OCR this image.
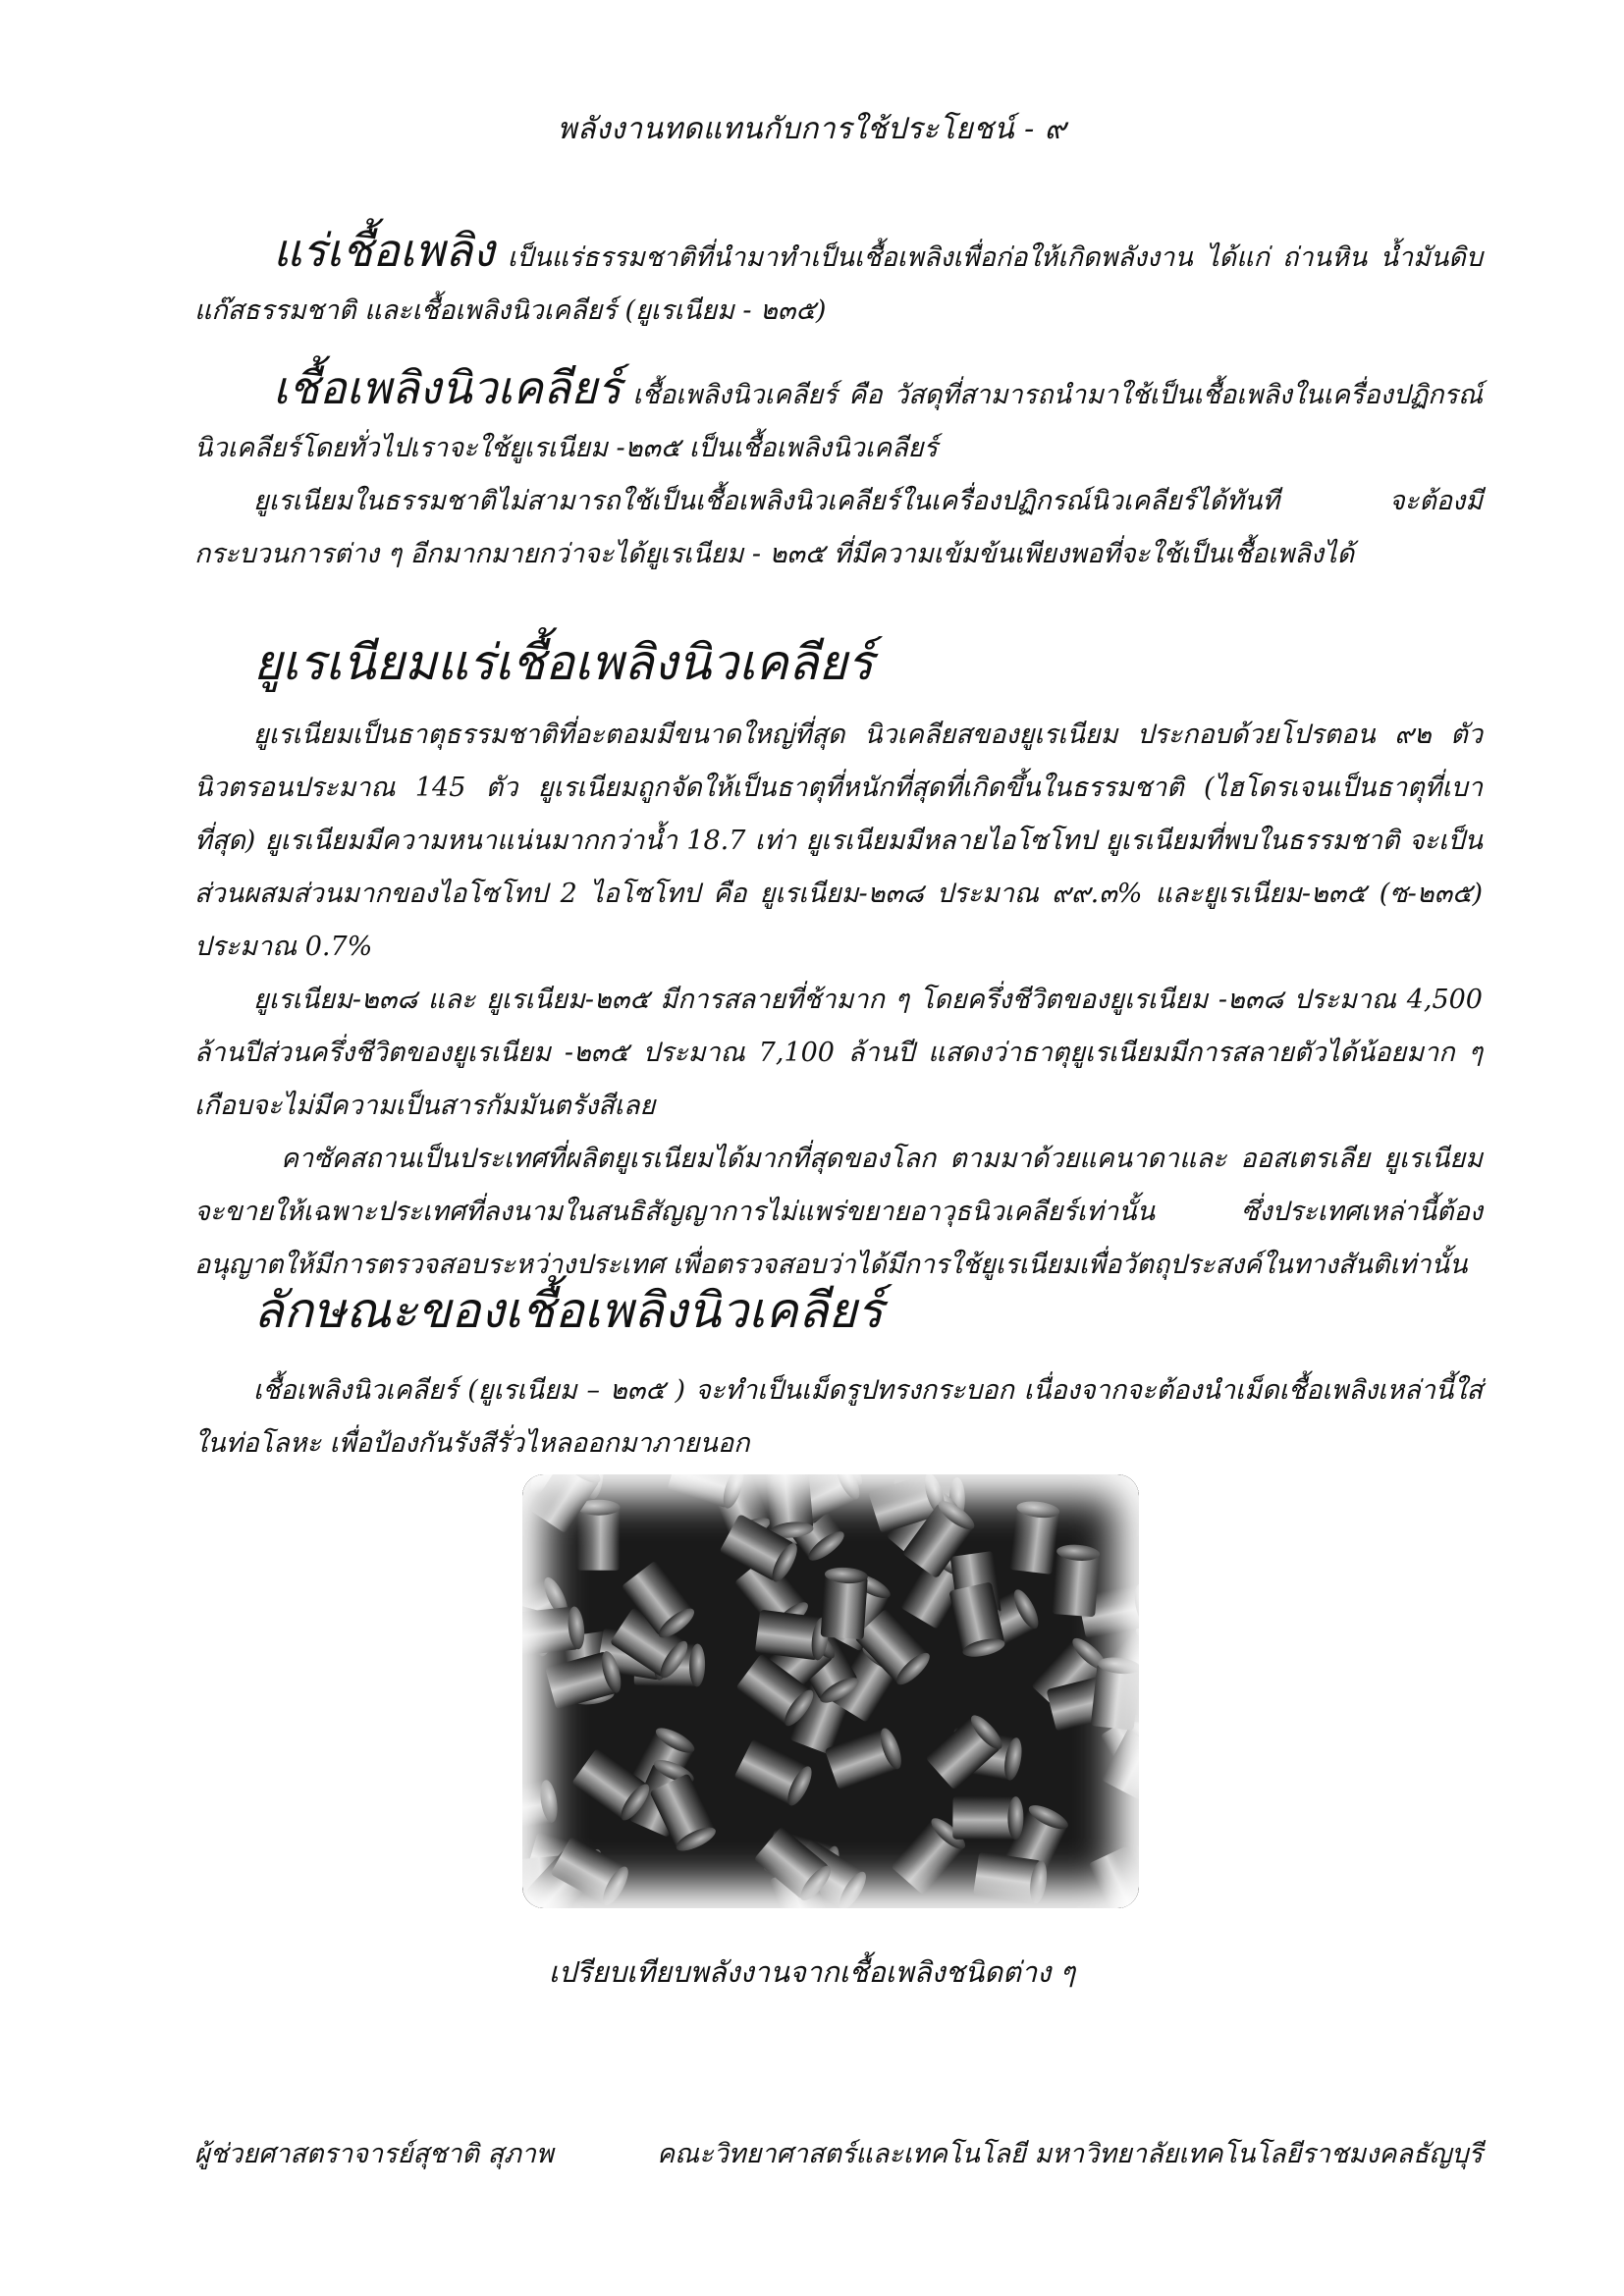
พลังงานทดแทนกับการใช้ประโยชน์ - ๙

แร่เชื้อเพลิง เป็นแร่ธรรมชาติที่นำมาทำเป็นเชื้อเพลิงเพื่อก่อให้เกิดพลังงาน ได้แก่ ถ่านหิน น้ำมันดิบ แก๊สธรรมชาติ และเชื้อเพลิงนิวเคลียร์ (ยูเรเนียม - ๒๓๕)

เชื้อเพลิงนิวเคลียร์ เชื้อเพลิงนิวเคลียร์ คือ วัสดุที่สามารถนำมาใช้เป็นเชื้อเพลิงในเครื่องปฏิกรณ์นิวเคลียร์โดยทั่วไปเราจะใช้ยูเรเนียม -๒๓๕ เป็นเชื้อเพลิงนิวเคลียร์

ยูเรเนียมในธรรมชาติไม่สามารถใช้เป็นเชื้อเพลิงนิวเคลียร์ในเครื่องปฏิกรณ์นิวเคลียร์ได้ทันที จะต้องมีกระบวนการต่าง ๆ อีกมากมายกว่าจะได้ยูเรเนียม - ๒๓๕ ที่มีความเข้มข้นเพียงพอที่จะใช้เป็นเชื้อเพลิงได้

ยูเรเนียมแร่เชื้อเพลิงนิวเคลียร์

ยูเรเนียมเป็นธาตุธรรมชาติที่อะตอมมีขนาดใหญ่ที่สุด นิวเคลียสของยูเรเนียม ประกอบด้วยโปรตอน ๙๒ ตัว นิวตรอนประมาณ 145 ตัว ยูเรเนียมถูกจัดให้เป็นธาตุที่หนักที่สุดที่เกิดขึ้นในธรรมชาติ (ไฮโดรเจนเป็นธาตุที่เบาที่สุด) ยูเรเนียมมีความหนาแน่นมากกว่าน้ำ 18.7 เท่า ยูเรเนียมมีหลายไอโซโทป ยูเรเนียมที่พบในธรรมชาติ จะเป็นส่วนผสมส่วนมากของไอโซโทป 2 ไอโซโทป คือ ยูเรเนียม-๒๓๘ ประมาณ ๙๙.๓% และยูเรเนียม-๒๓๕ (ซ-๒๓๕) ประมาณ 0.7%

ยูเรเนียม-๒๓๘ และ ยูเรเนียม-๒๓๕ มีการสลายที่ช้ามาก ๆ โดยครึ่งชีวิตของยูเรเนียม -๒๓๘ ประมาณ 4,500 ล้านปีส่วนครึ่งชีวิตของยูเรเนียม -๒๓๕ ประมาณ 7,100 ล้านปี แสดงว่าธาตุยูเรเนียมมีการสลายตัวได้น้อยมาก ๆ เกือบจะไม่มีความเป็นสารกัมมันตรังสีเลย

คาซัคสถานเป็นประเทศที่ผลิตยูเรเนียมได้มากที่สุดของโลก ตามมาด้วยแคนาดาและ ออสเตรเลีย ยูเรเนียมจะขายให้เฉพาะประเทศที่ลงนามในสนธิสัญญาการไม่แพร่ขยายอาวุธนิวเคลียร์เท่านั้น ซึ่งประเทศเหล่านี้ต้องอนุญาตให้มีการตรวจสอบระหว่างประเทศ เพื่อตรวจสอบว่าได้มีการใช้ยูเรเนียมเพื่อวัตถุประสงค์ในทางสันติเท่านั้น

ลักษณะของเชื้อเพลิงนิวเคลียร์

เชื้อเพลิงนิวเคลียร์ (ยูเรเนียม – ๒๓๕ ) จะทำเป็นเม็ดรูปทรงกระบอก เนื่องจากจะต้องนำเม็ดเชื้อเพลิงเหล่านี้ใส่ในท่อโลหะ เพื่อป้องกันรังสีรั่วไหลออกมาภายนอก

เปรียบเทียบพลังงานจากเชื้อเพลิงชนิดต่าง ๆ
ผู้ช่วยศาสตราจารย์สุชาติ สุภาพ	คณะวิทยาศาสตร์และเทคโนโลยี มหาวิทยาลัยเทคโนโลยีราชมงคลธัญบุรี
